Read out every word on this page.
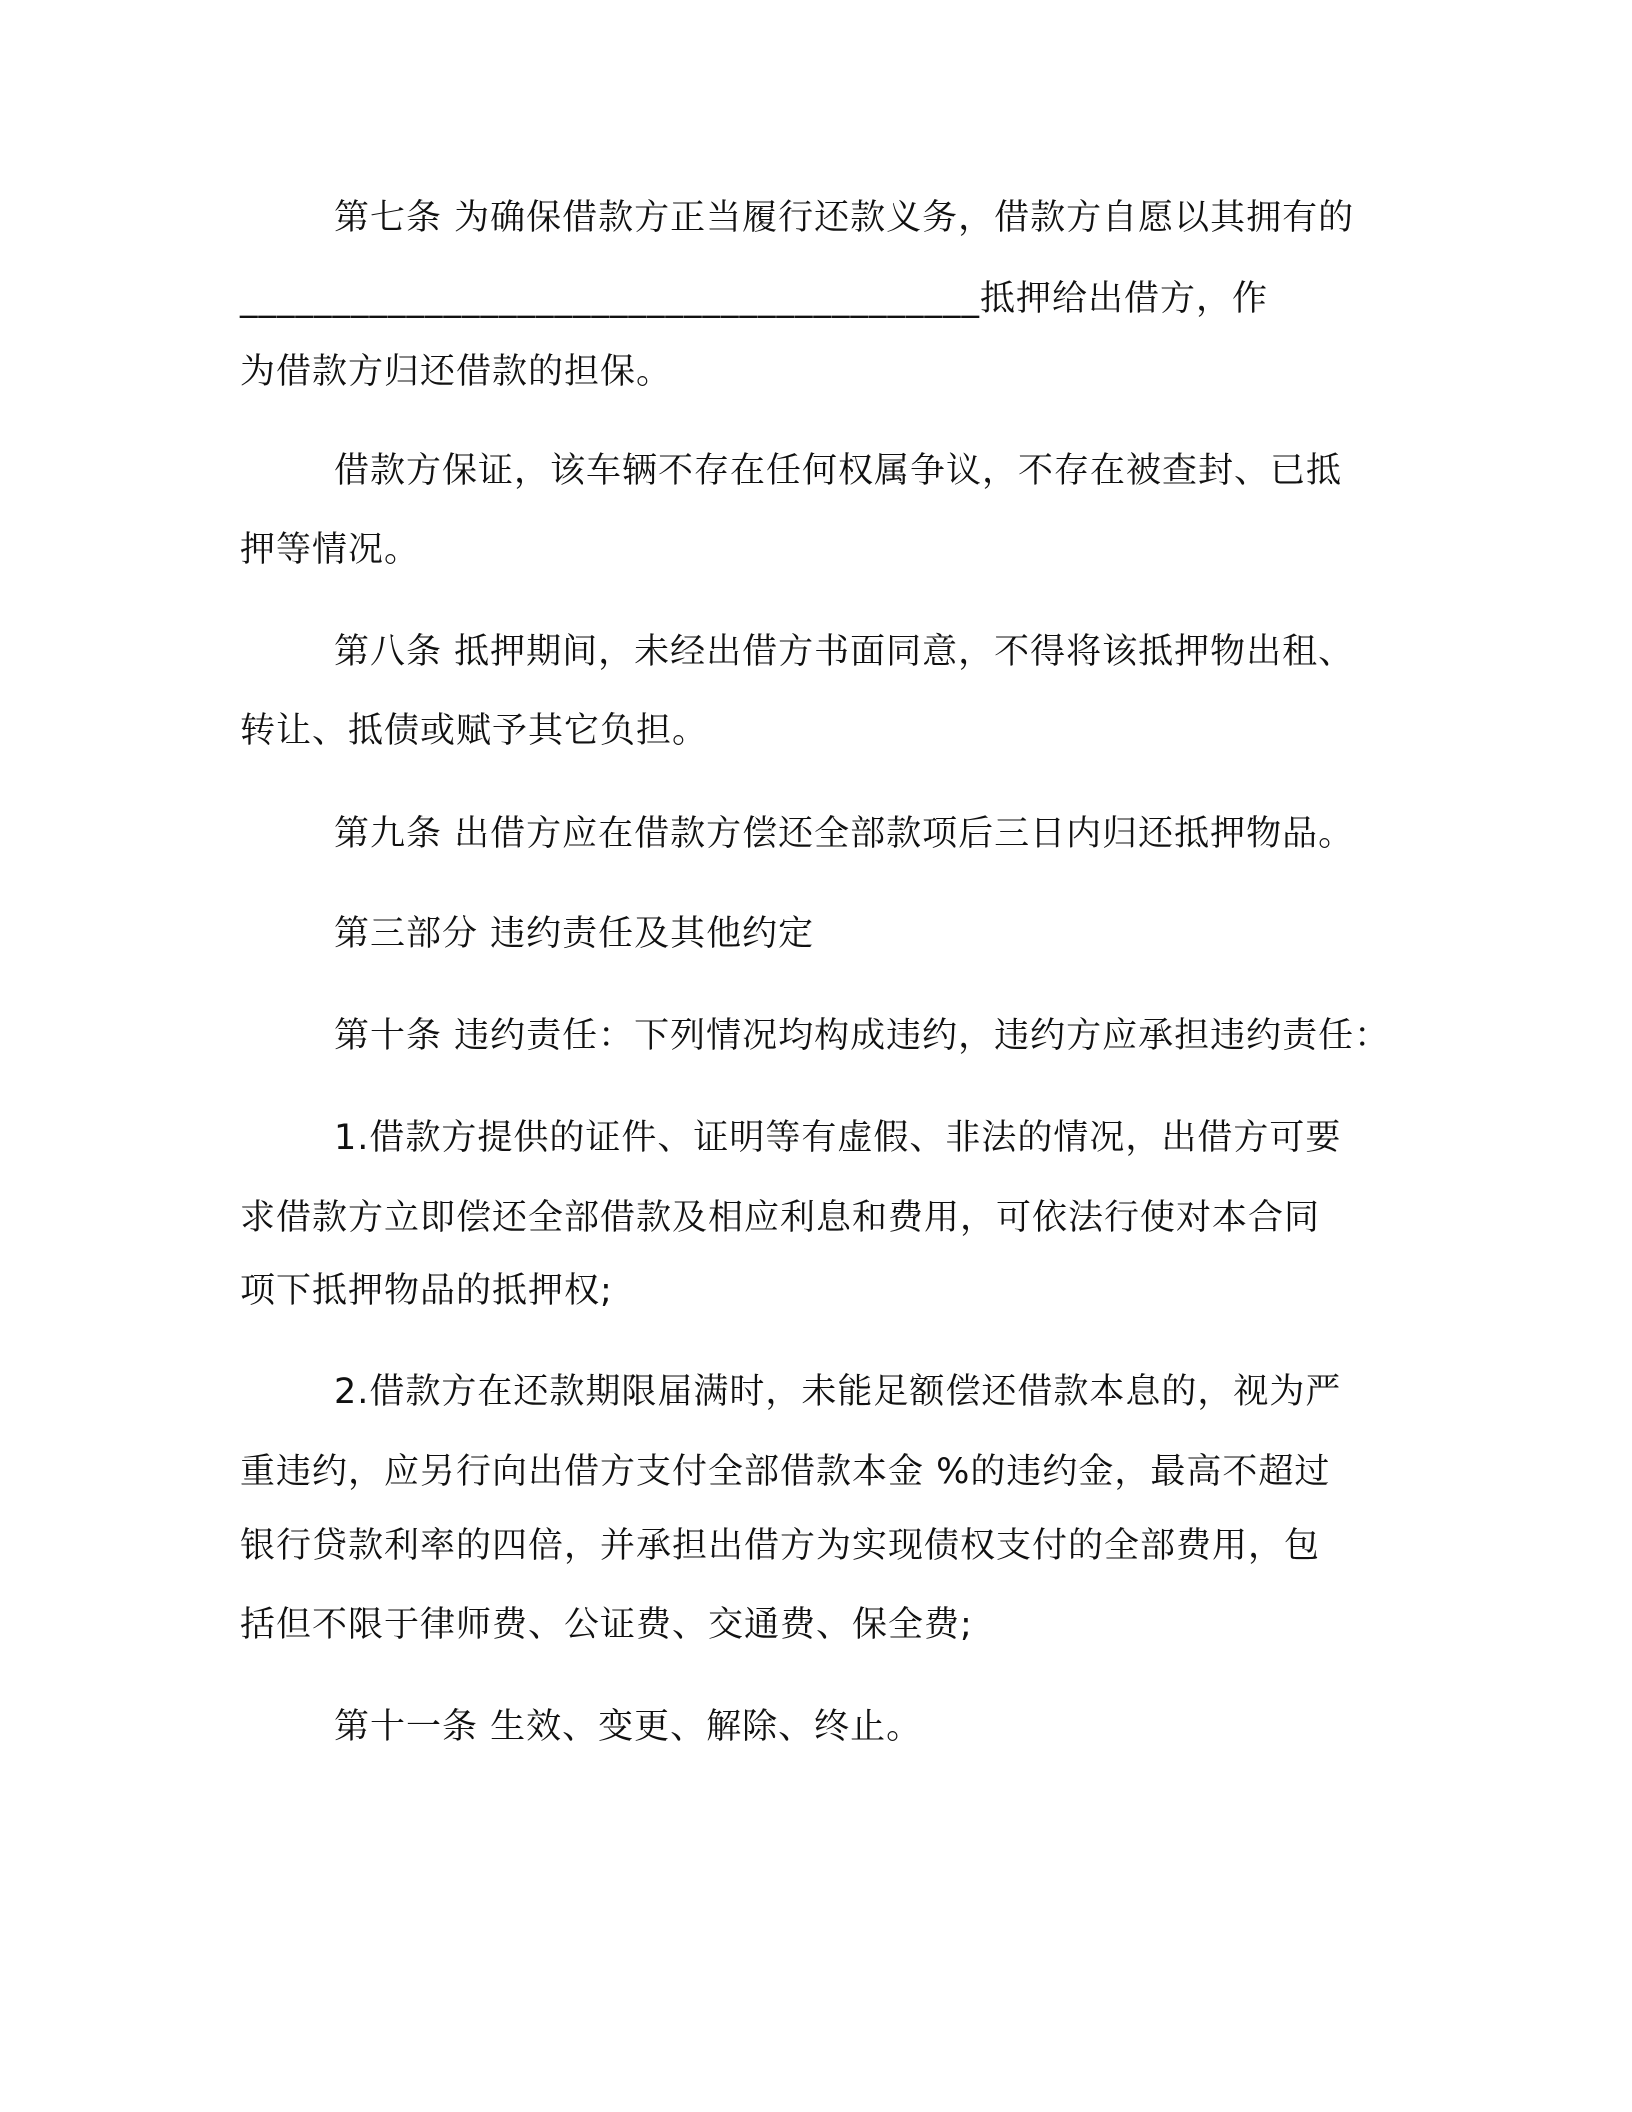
第七条 为确保借款方正当履行还款义务，借款方自愿以其拥有的

________________________________________抵押给出借方，作

为借款方归还借款的担保。

借款方保证，该车辆不存在任何权属争议，不存在被查封、已抵

押等情况。

第八条 抵押期间，未经出借方书面同意，不得将该抵押物出租、

转让、抵债或赋予其它负担。

第九条 出借方应在借款方偿还全部款项后三日内归还抵押物品。

第三部分 违约责任及其他约定

第十条 违约责任：下列情况均构成违约，违约方应承担违约责任：

1.借款方提供的证件、证明等有虚假、非法的情况，出借方可要

求借款方立即偿还全部借款及相应利息和费用，可依法行使对本合同

项下抵押物品的抵押权;

2.借款方在还款期限届满时，未能足额偿还借款本息的，视为严

重违约，应另行向出借方支付全部借款本金 %的违约金，最高不超过

银行贷款利率的四倍，并承担出借方为实现债权支付的全部费用，包

括但不限于律师费、公证费、交通费、保全费;

第十一条 生效、变更、解除、终止。
